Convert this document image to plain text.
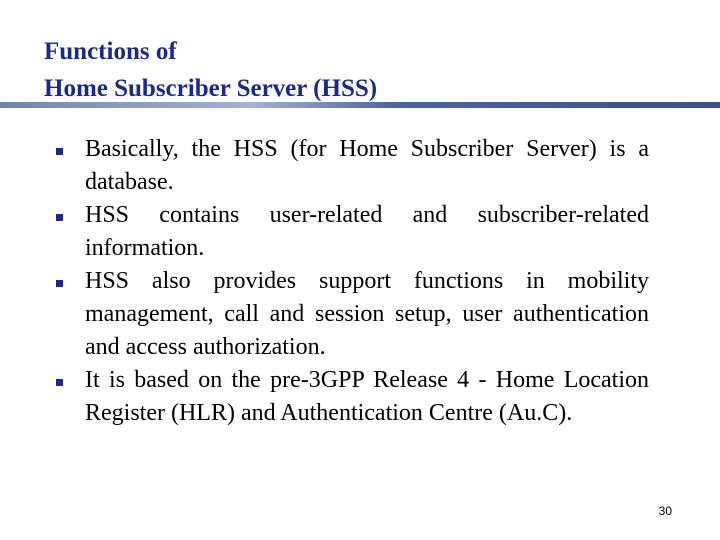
Functions of
Home Subscriber Server (HSS)
Basically, the HSS (for Home Subscriber Server) is a database.
HSS contains user-related and subscriber-related information.
HSS also provides support functions in mobility management, call and session setup, user authentication and access authorization.
It is based on the pre-3GPP Release 4 - Home Location Register (HLR) and Authentication Centre (Au.C).
30
